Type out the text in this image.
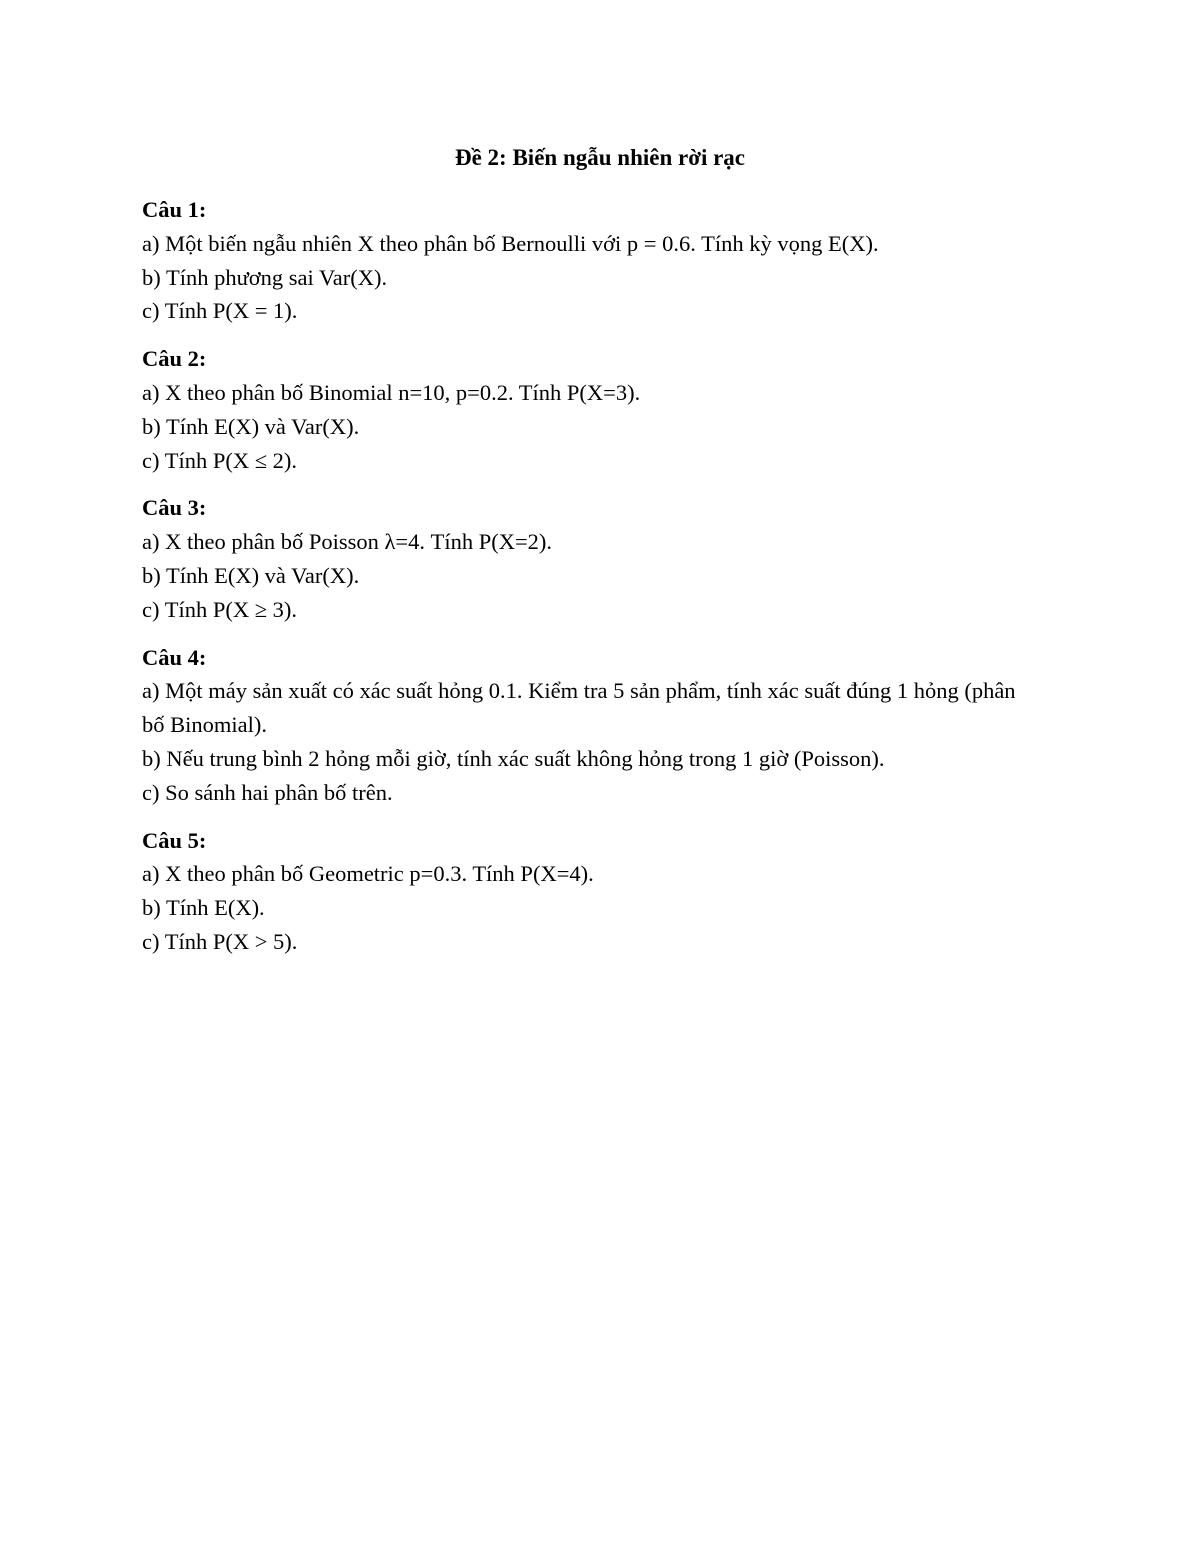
Đề 2: Biến ngẫu nhiên rời rạc

Câu 1:

a) Một biến ngẫu nhiên X theo phân bố Bernoulli với p = 0.6. Tính kỳ vọng E(X).

b) Tính phương sai Var(X).

c) Tính P(X = 1).

Câu 2:

a) X theo phân bố Binomial n=10, p=0.2. Tính P(X=3).

b) Tính E(X) và Var(X).

c) Tính P(X ≤ 2).

Câu 3:

a) X theo phân bố Poisson λ=4. Tính P(X=2).

b) Tính E(X) và Var(X).

c) Tính P(X ≥ 3).

Câu 4:

a) Một máy sản xuất có xác suất hỏng 0.1. Kiểm tra 5 sản phẩm, tính xác suất đúng 1 hỏng (phân bố Binomial).

b) Nếu trung bình 2 hỏng mỗi giờ, tính xác suất không hỏng trong 1 giờ (Poisson).

c) So sánh hai phân bố trên.

Câu 5:

a) X theo phân bố Geometric p=0.3. Tính P(X=4).

b) Tính E(X).

c) Tính P(X > 5).
